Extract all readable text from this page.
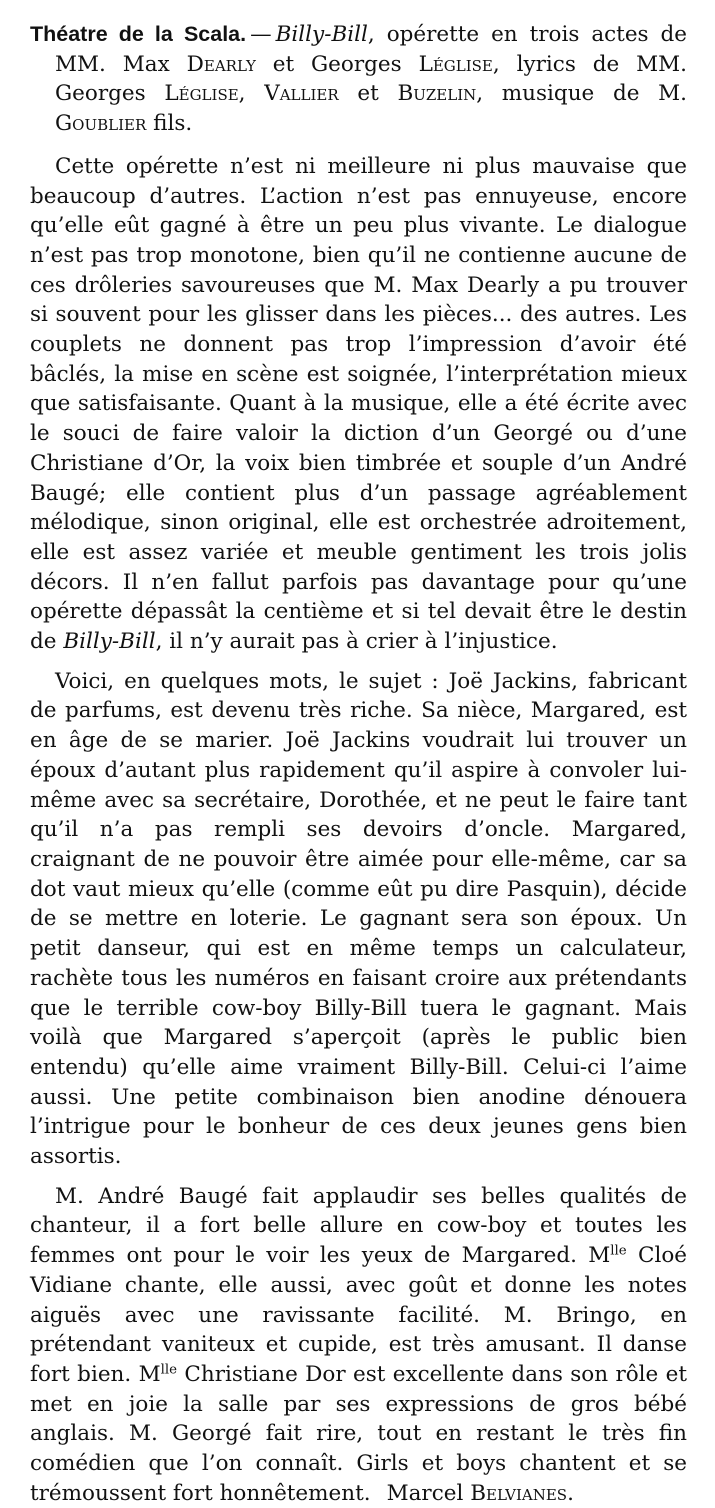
Théatre de la Scala. — Billy-Bill, opérette en trois actes de MM. Max Dearly et Georges Léglise, lyrics de MM. Georges Léglise, Vallier et Buzelin, musique de M. Goublier fils.

Cette opérette n’est ni meilleure ni plus mauvaise que beaucoup d’autres. L’action n’est pas ennuyeuse, encore qu’elle eût gagné à être un peu plus vivante. Le dialogue n’est pas trop monotone, bien qu’il ne contienne aucune de ces drôleries savoureuses que M. Max Dearly a pu trouver si souvent pour les glisser dans les pièces... des autres. Les couplets ne donnent pas trop l’impression d’avoir été bâclés, la mise en scène est soignée, l’interprétation mieux que satisfaisante. Quant à la musique, elle a été écrite avec le souci de faire valoir la diction d’un Georgé ou d’une Christiane d’Or, la voix bien timbrée et souple d’un André Baugé; elle contient plus d’un passage agréablement mélodique, sinon original, elle est orchestrée adroitement, elle est assez variée et meuble gentiment les trois jolis décors. Il n’en fallut parfois pas davantage pour qu’une opérette dépassât la centième et si tel devait être le destin de Billy-Bill, il n’y aurait pas à crier à l’injustice.

Voici, en quelques mots, le sujet : Joë Jackins, fabricant de parfums, est devenu très riche. Sa nièce, Margared, est en âge de se marier. Joë Jackins voudrait lui trouver un époux d’autant plus rapidement qu’il aspire à convoler lui-même avec sa secrétaire, Dorothée, et ne peut le faire tant qu’il n’a pas rempli ses devoirs d’oncle. Margared, craignant de ne pouvoir être aimée pour elle-même, car sa dot vaut mieux qu’elle (comme eût pu dire Pasquin), décide de se mettre en loterie. Le gagnant sera son époux. Un petit danseur, qui est en même temps un calculateur, rachète tous les numéros en faisant croire aux prétendants que le terrible cow-boy Billy-Bill tuera le gagnant. Mais voilà que Margared s’aperçoit (après le public bien entendu) qu’elle aime vraiment Billy-Bill. Celui-ci l’aime aussi. Une petite combinaison bien anodine dénouera l’intrigue pour le bonheur de ces deux jeunes gens bien assortis.

M. André Baugé fait applaudir ses belles qualités de chanteur, il a fort belle allure en cow-boy et toutes les femmes ont pour le voir les yeux de Margared. $M^{lle}$ Cloé Vidiane chante, elle aussi, avec goût et donne les notes aiguës avec une ravissante facilité. M. Bringo, en prétendant vaniteux et cupide, est très amusant. Il danse fort bien. $M^{lle}$ Christiane Dor est excellente dans son rôle et met en joie la salle par ses expressions de gros bébé anglais. M. Georgé fait rire, tout en restant le très fin comédien que l’on connaît. Girls et boys chantent et se trémoussent fort honnêtement. Marcel Belvianes.
